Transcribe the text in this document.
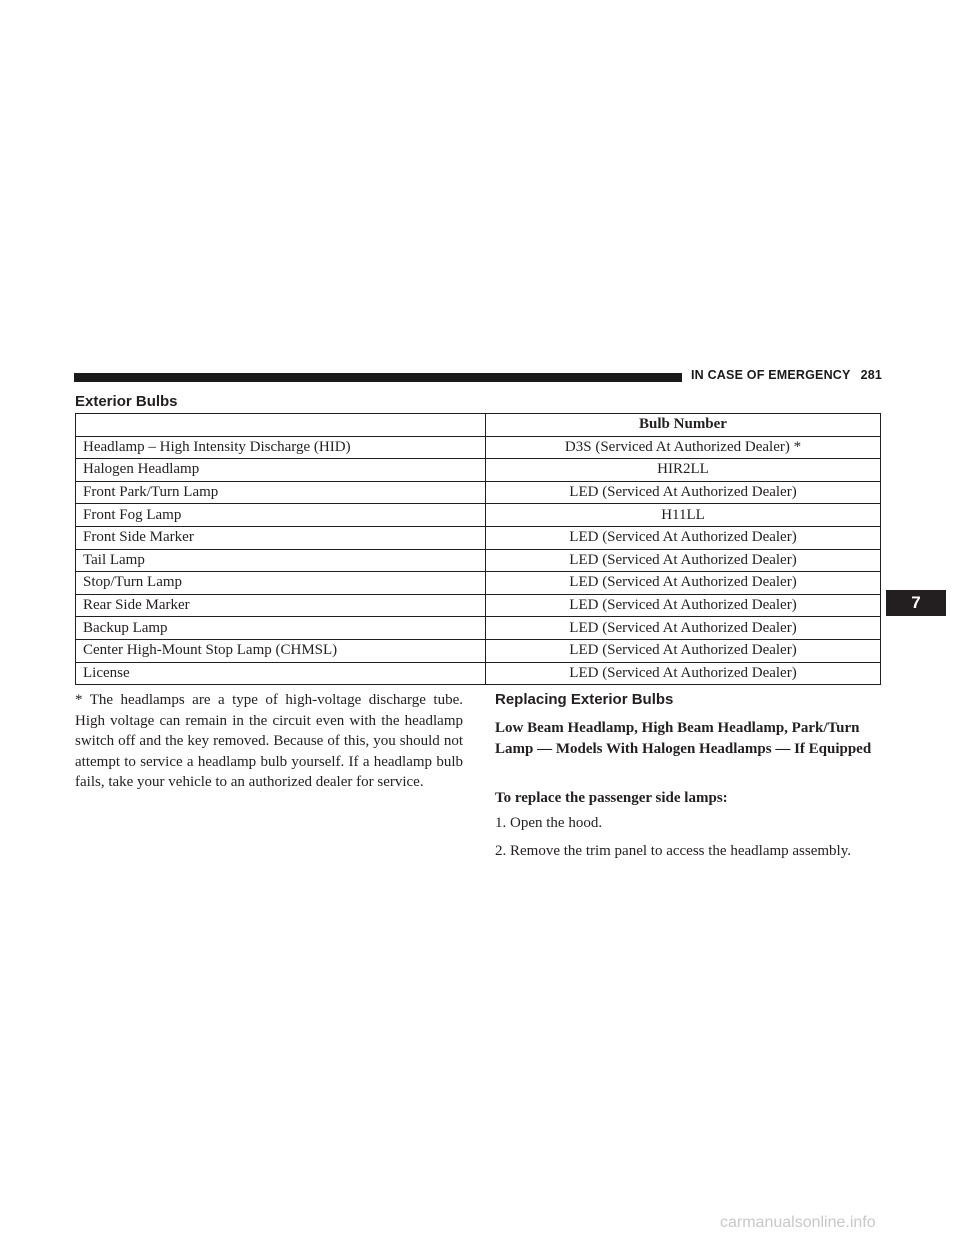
IN CASE OF EMERGENCY 281
Exterior Bulbs
	Bulb Number
Headlamp – High Intensity Discharge (HID)	D3S (Serviced At Authorized Dealer) *
Halogen Headlamp	HIR2LL
Front Park/Turn Lamp	LED (Serviced At Authorized Dealer)
Front Fog Lamp	H11LL
Front Side Marker	LED (Serviced At Authorized Dealer)
Tail Lamp	LED (Serviced At Authorized Dealer)
Stop/Turn Lamp	LED (Serviced At Authorized Dealer)
Rear Side Marker	LED (Serviced At Authorized Dealer)
Backup Lamp	LED (Serviced At Authorized Dealer)
Center High-Mount Stop Lamp (CHMSL)	LED (Serviced At Authorized Dealer)
License	LED (Serviced At Authorized Dealer)
* The headlamps are a type of high-voltage discharge tube. High voltage can remain in the circuit even with the headlamp switch off and the key removed. Because of this, you should not attempt to service a headlamp bulb yourself. If a headlamp bulb fails, take your vehicle to an authorized dealer for service.
Replacing Exterior Bulbs
Low Beam Headlamp, High Beam Headlamp, Park/Turn Lamp — Models With Halogen Headlamps — If Equipped
To replace the passenger side lamps:
1. Open the hood.
2. Remove the trim panel to access the headlamp assembly.
7
carmanualsonline.info
